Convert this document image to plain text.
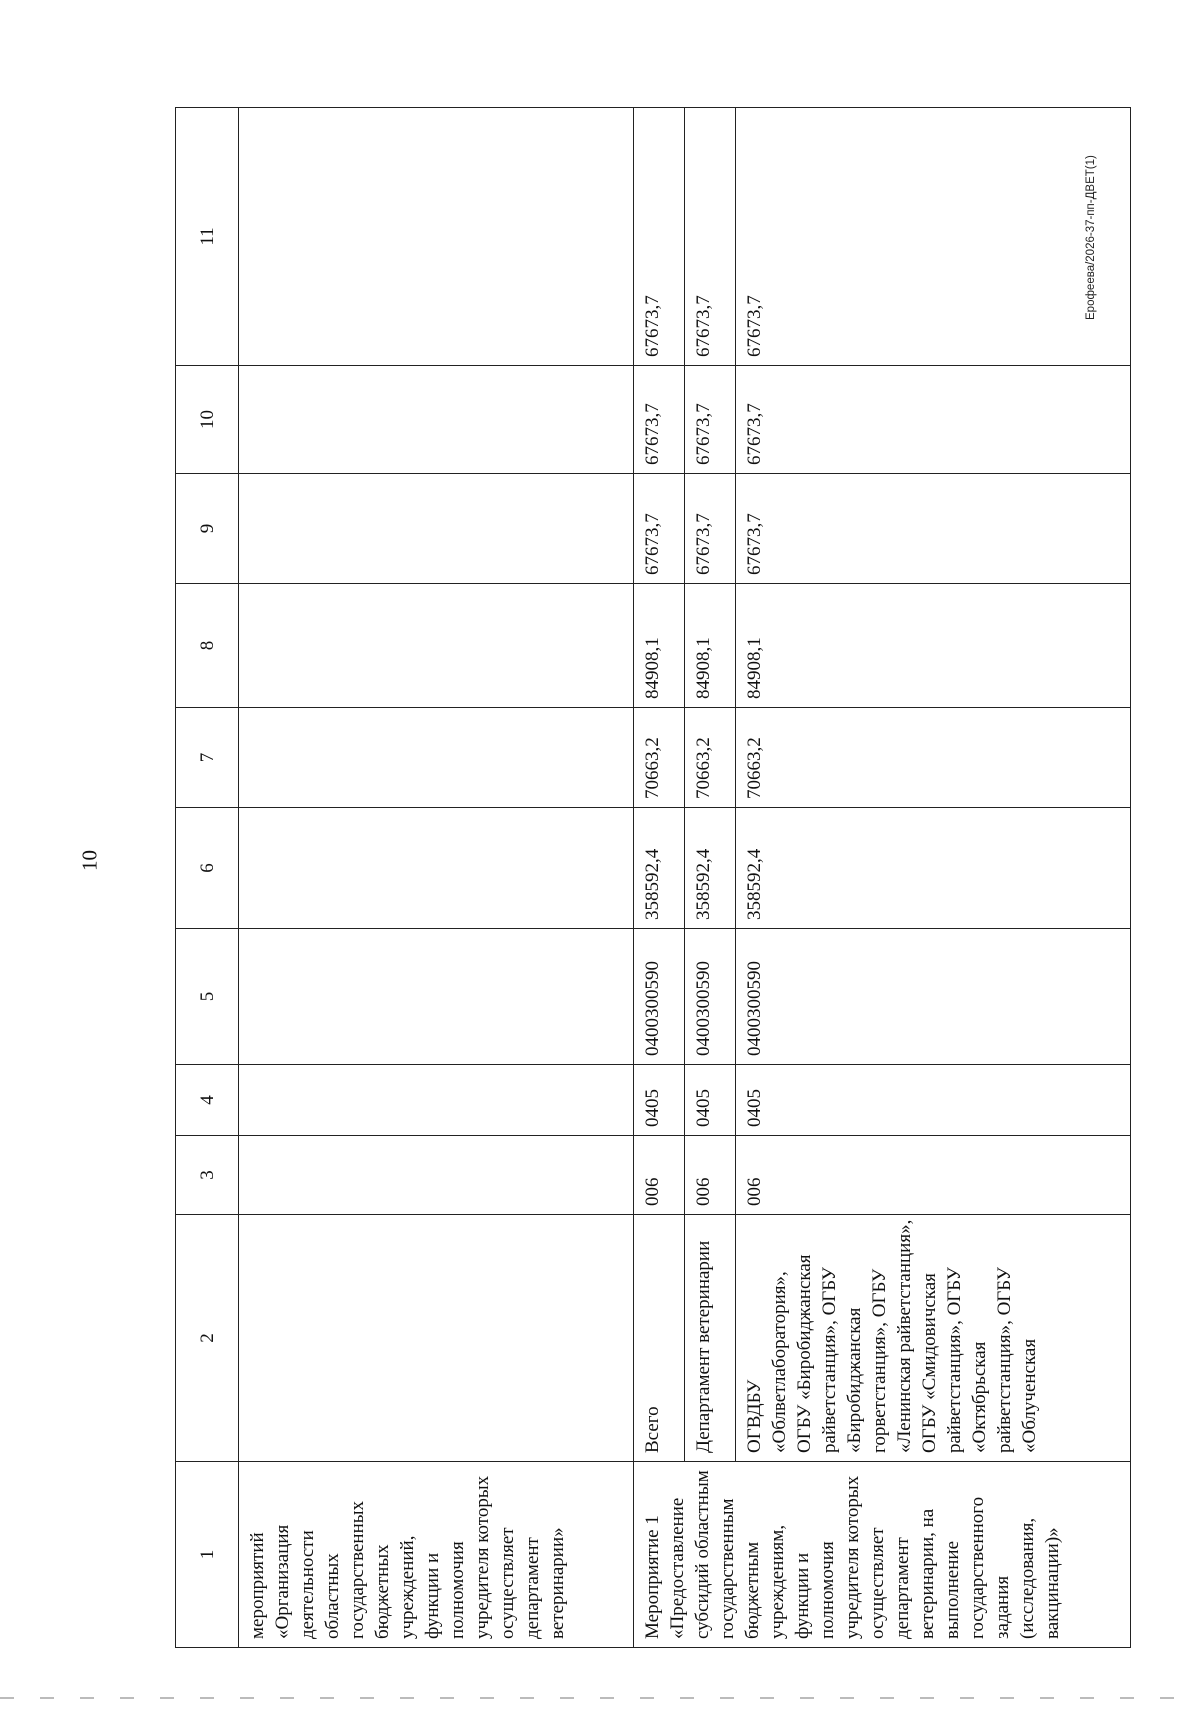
10
Ерофеева/2026-37-пп-ДВЕТ(1)
1	2	3	4	5	6	7	8	9	10	11
мероприятий «Организация деятельности областных государственных бюджетных учреждений, функции и полномочия учредителя которых осуществляет департамент ветеринарии»										
Мероприятие 1 «Предоставление субсидий областным государственным бюджетным учреждениям, функции и полномочия учредителя которых осуществляет департамент ветеринарии, на выполнение государственного задания (исследования, вакцинации)»	Всего	006	0405	0400300590	358592,4	70663,2	84908,1	67673,7	67673,7	67673,7
	Департамент ветеринарии	006	0405	0400300590	358592,4	70663,2	84908,1	67673,7	67673,7	67673,7
	ОГВДБУ «Облветлаборатория», ОГБУ «Биробиджанская райветстанция», ОГБУ «Биробиджанская горветстанция», ОГБУ «Ленинская райветстанция», ОГБУ «Смидовичская райветстанция», ОГБУ «Октябрьская райветстанция», ОГБУ «Облученская	006	0405	0400300590	358592,4	70663,2	84908,1	67673,7	67673,7	67673,7
